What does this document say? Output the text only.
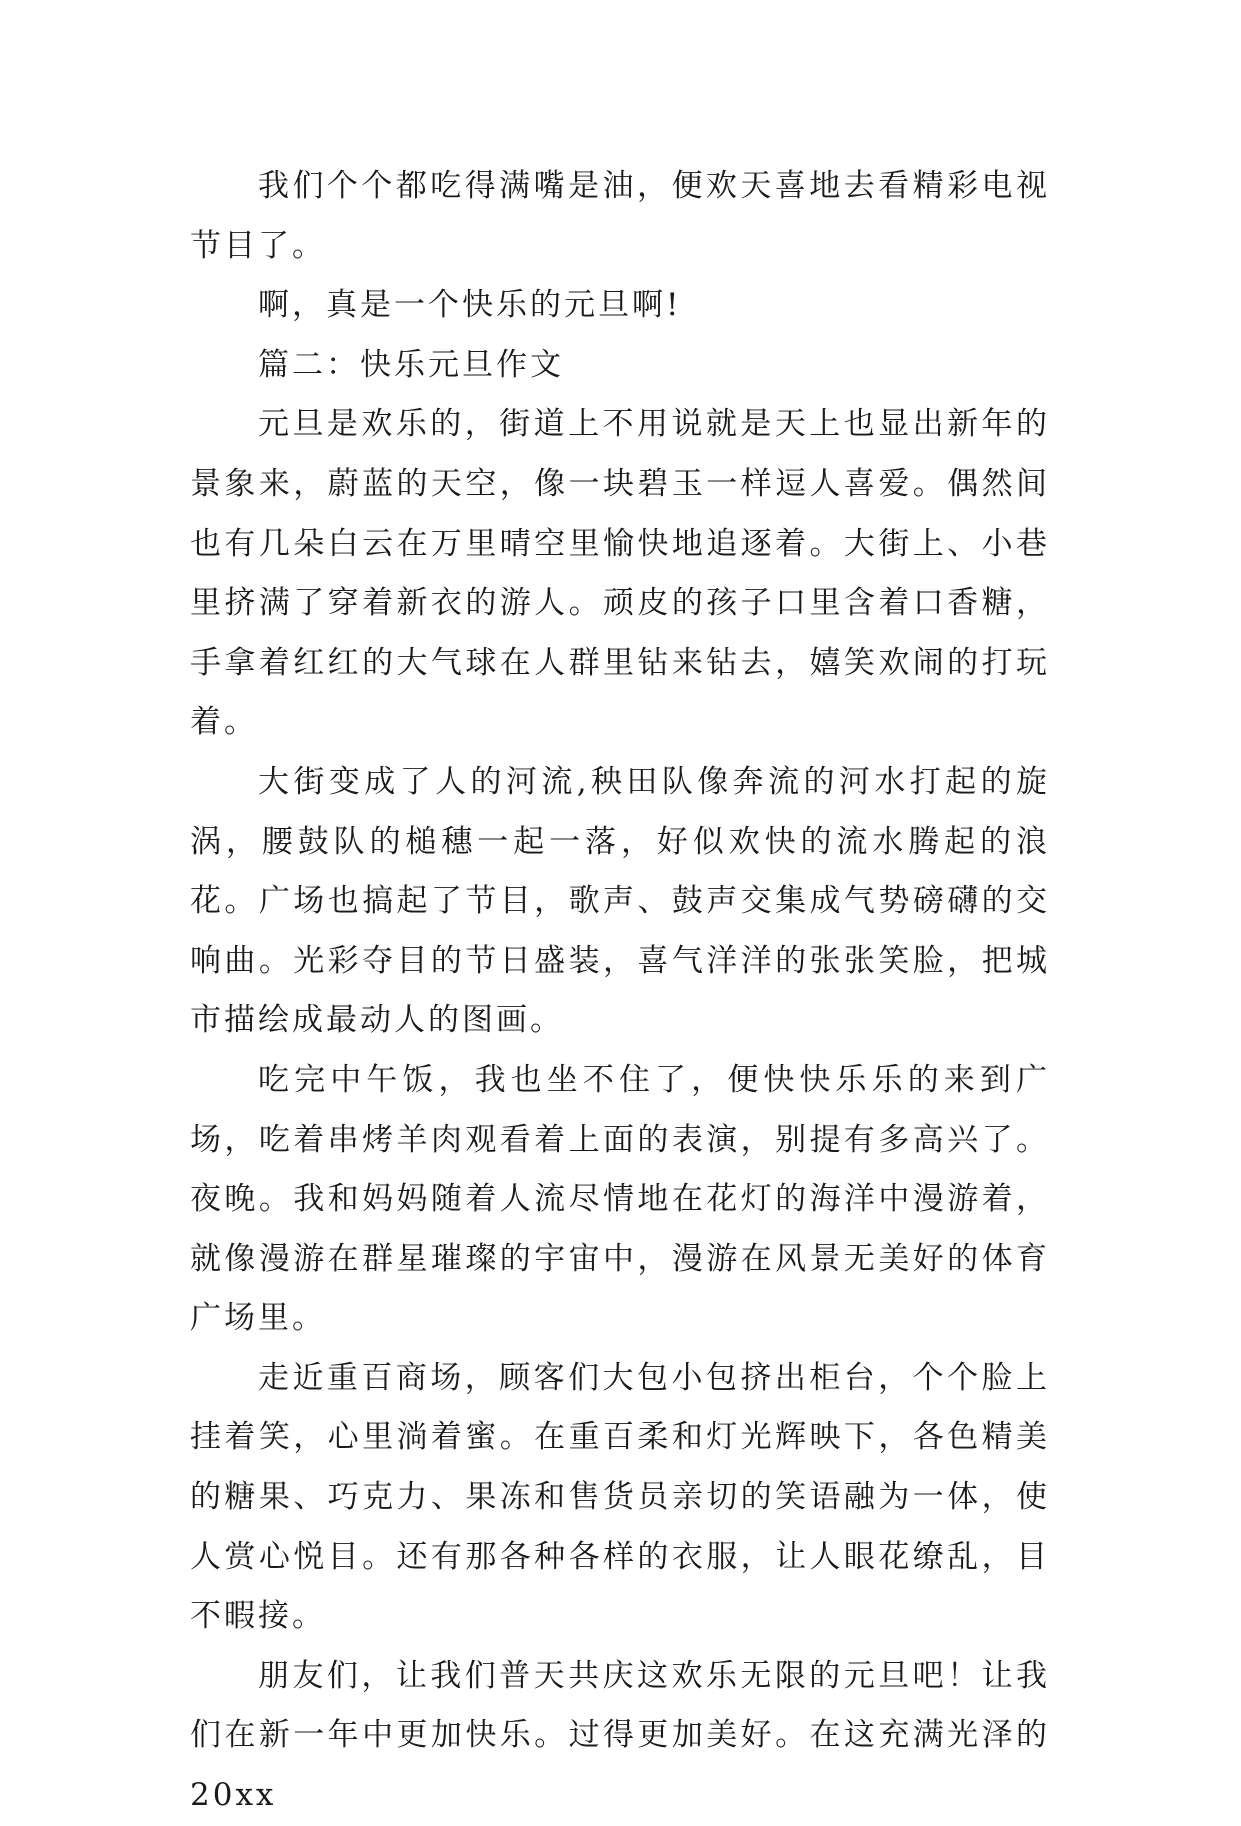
我们个个都吃得满嘴是油，便欢天喜地去看精彩电视节目了。

啊，真是一个快乐的元旦啊!

篇二：快乐元旦作文

元旦是欢乐的，街道上不用说就是天上也显出新年的景象来，蔚蓝的天空，像一块碧玉一样逗人喜爱。偶然间也有几朵白云在万里晴空里愉快地追逐着。大街上、小巷里挤满了穿着新衣的游人。顽皮的孩子口里含着口香糖，手拿着红红的大气球在人群里钻来钻去，嬉笑欢闹的打玩着。

大街变成了人的河流,秧田队像奔流的河水打起的旋涡，腰鼓队的槌穗一起一落，好似欢快的流水腾起的浪花。广场也搞起了节目，歌声、鼓声交集成气势磅礴的交响曲。光彩夺目的节日盛装，喜气洋洋的张张笑脸，把城市描绘成最动人的图画。

吃完中午饭，我也坐不住了，便快快乐乐的来到广场，吃着串烤羊肉观看着上面的表演，别提有多高兴了。夜晚。我和妈妈随着人流尽情地在花灯的海洋中漫游着，就像漫游在群星璀璨的宇宙中，漫游在风景无美好的体育广场里。

走近重百商场，顾客们大包小包挤出柜台，个个脸上挂着笑，心里淌着蜜。在重百柔和灯光辉映下，各色精美的糖果、巧克力、果冻和售货员亲切的笑语融为一体，使人赏心悦目。还有那各种各样的衣服，让人眼花缭乱，目不暇接。

朋友们，让我们普天共庆这欢乐无限的元旦吧！让我们在新一年中更加快乐。过得更加美好。在这充满光泽的 20xx
